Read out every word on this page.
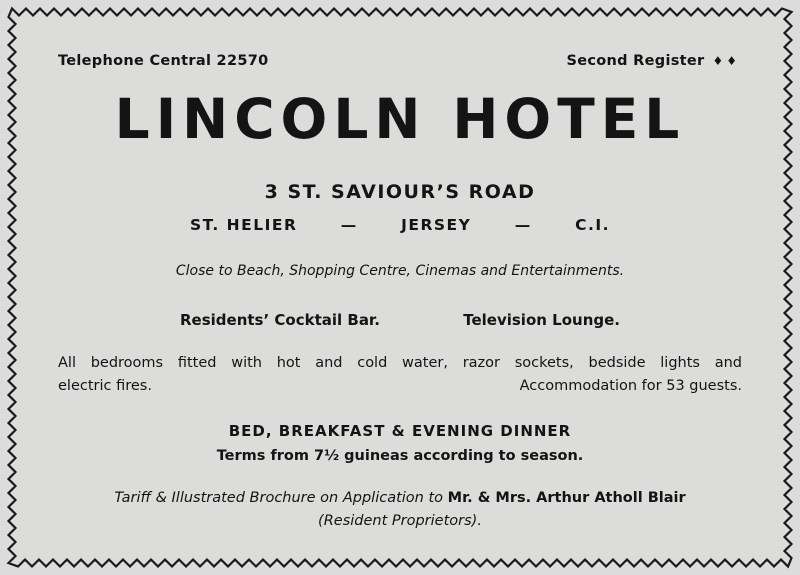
Telephone Central 22570	Second Register ♦♦
LINCOLN HOTEL
3 ST. SAVIOUR’S ROAD
ST. HELIER	—	JERSEY	—	C.I.
Close to Beach, Shopping Centre, Cinemas and Entertainments.
Residents’ Cocktail Bar.	Television Lounge.
All bedrooms fitted with hot and cold water, razor sockets, bedside lights and
electric fires.	Accommodation for 53 guests.
BED, BREAKFAST & EVENING DINNER
Terms from 7½ guineas according to season.
Tariff & Illustrated Brochure on Application to Mr. & Mrs. Arthur Atholl Blair
(Resident Proprietors).
